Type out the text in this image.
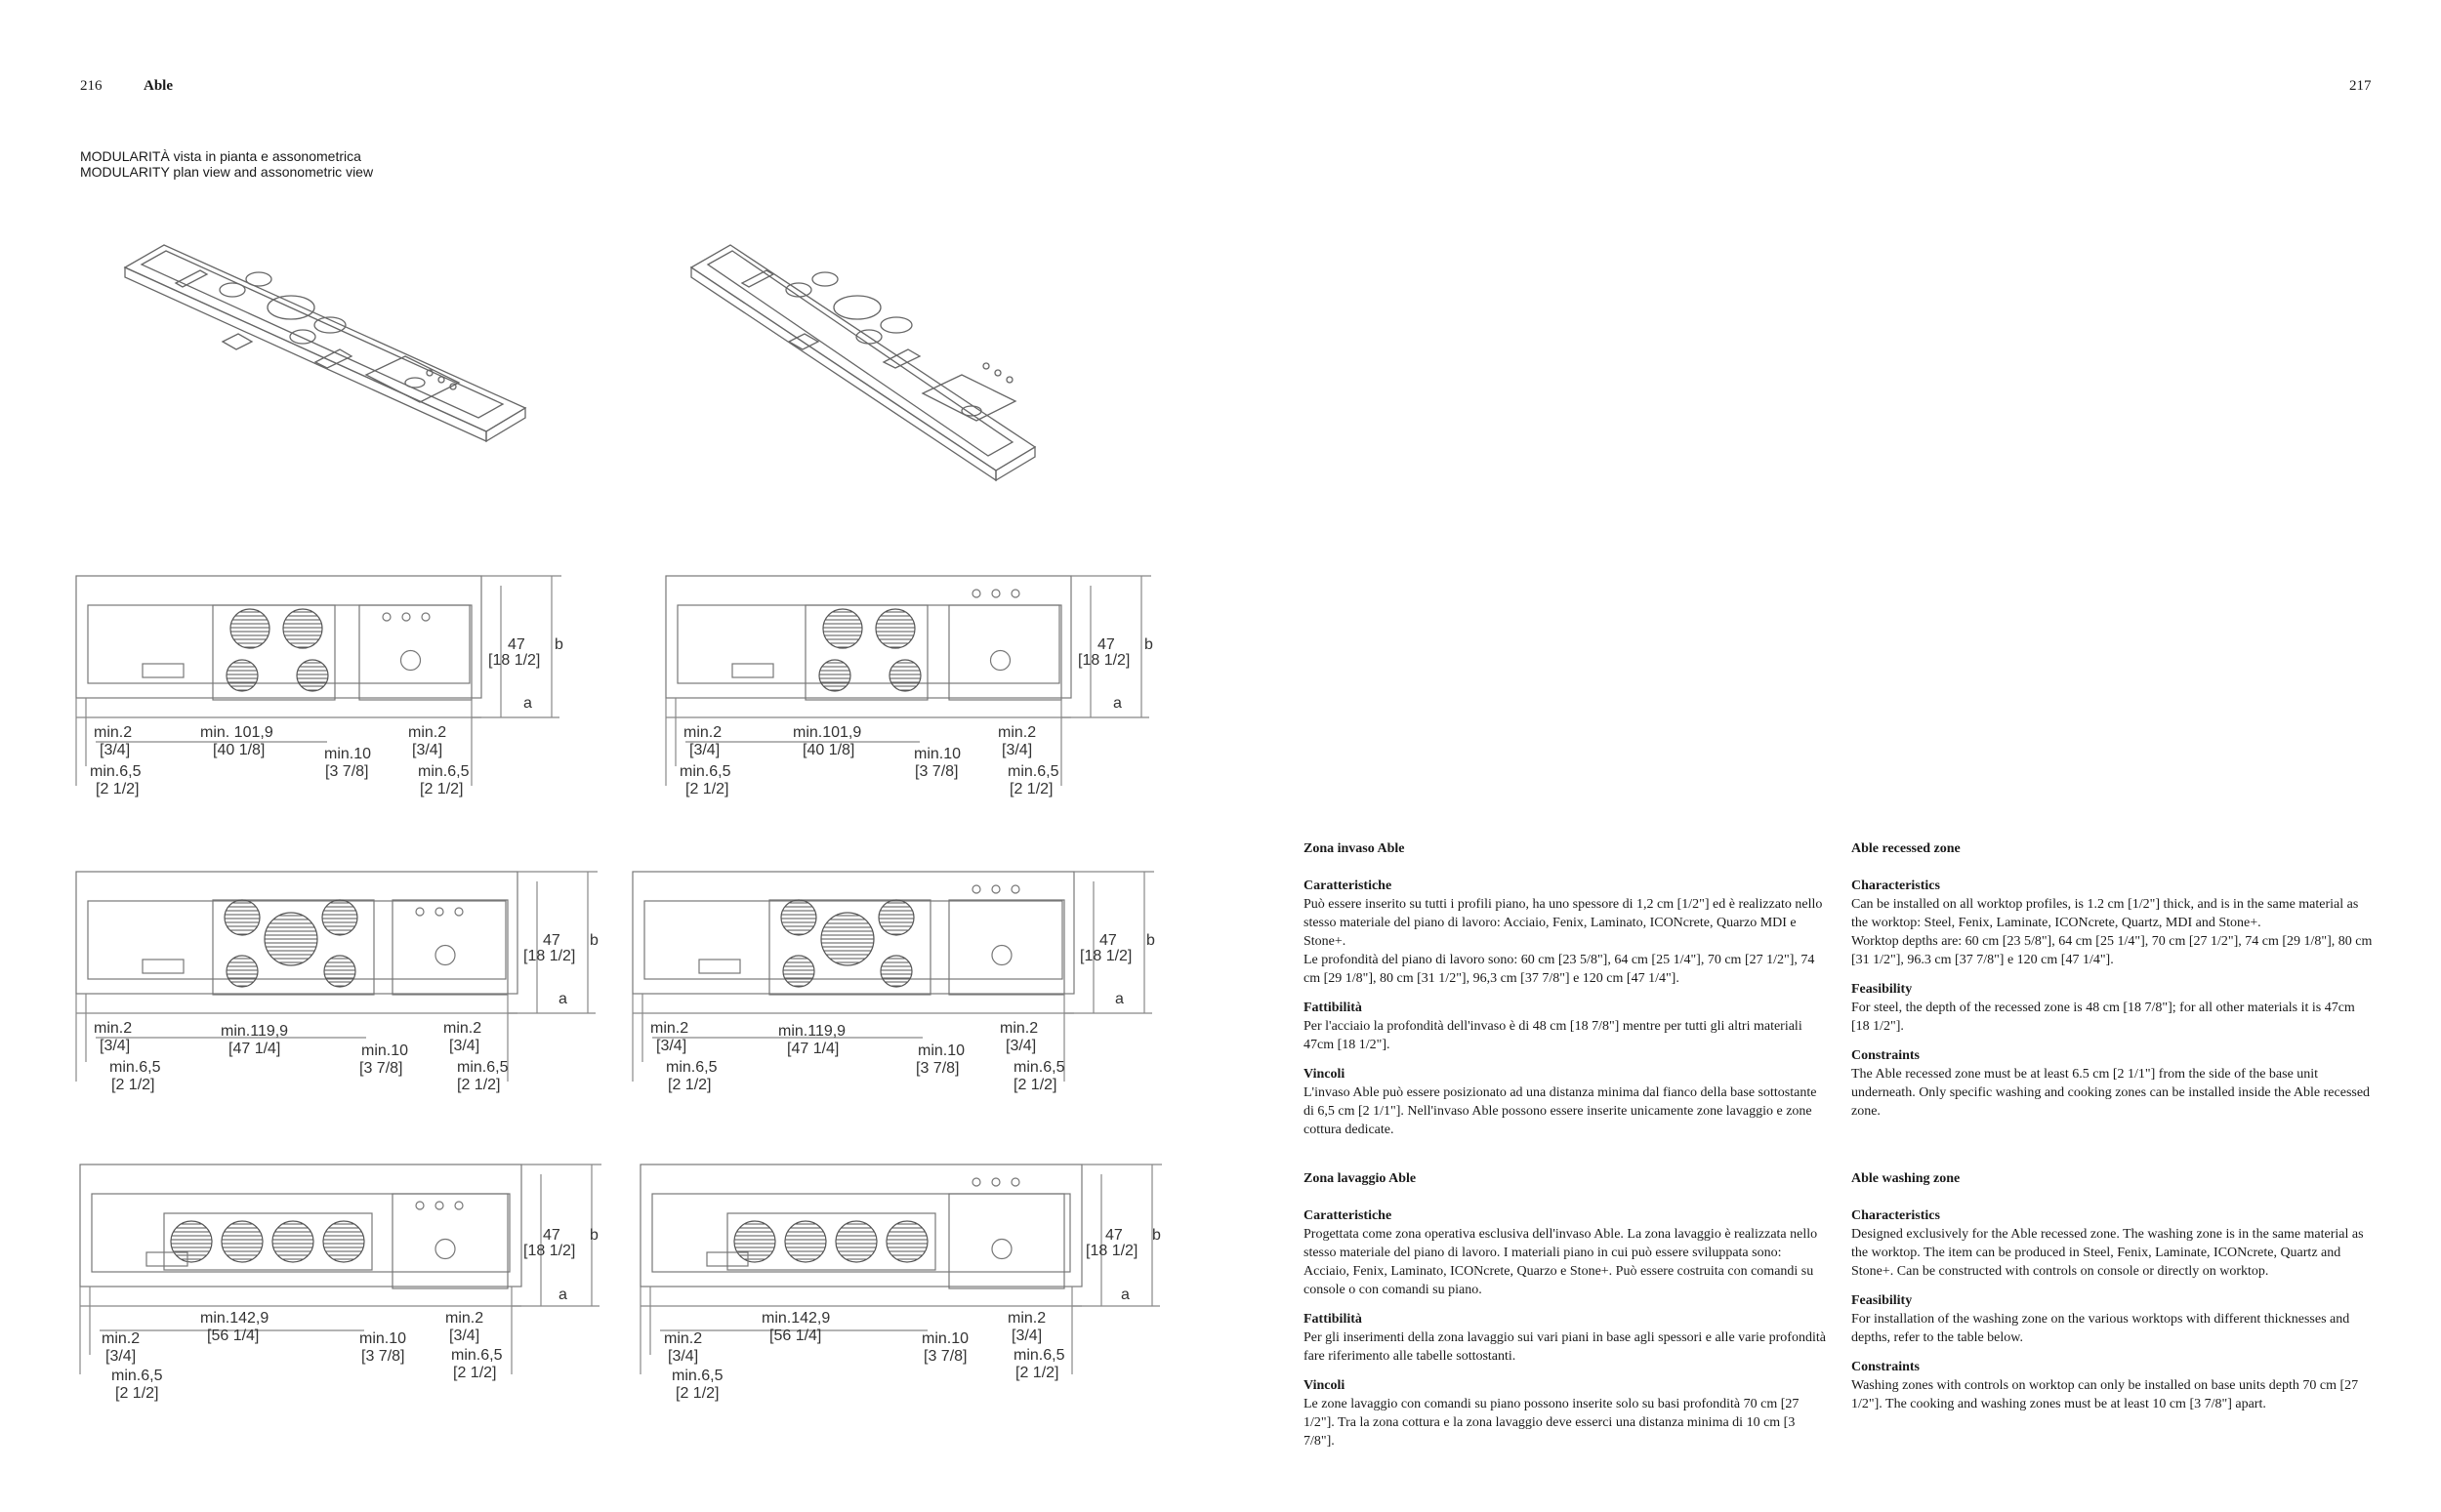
216	Able	217
MODULARITÀ vista in pianta e assonometrica
MODULARITY plan view and assonometric view
min.2
[3/4]
min.6,5
[2 1/2]
min. 101,9
[40 1/8]	min.10
[3 7/8]
min.2
[3/4]
min.6,5
[2 1/2]
47
[18 1/2]
b
a
min.2
[3/4]
min.6,5
[2 1/2]
min.101,9
[40 1/8]	min.10
[3 7/8]
min.2
[3/4]
min.6,5
[2 1/2]
47
[18 1/2]
b
a
min.2
[3/4]
min.6,5
[2 1/2]
min.119,9
[47 1/4]	min.10
[3 7/8]
min.2
[3/4]
min.6,5
[2 1/2]
47
[18 1/2]
b
a
min.2
[3/4]
min.6,5
[2 1/2]
min.119,9
[47 1/4]	min.10
[3 7/8]
min.2
[3/4]
min.6,5
[2 1/2]
47
[18 1/2]
b
a
min.2
[3/4]
min.6,5
[2 1/2]
min.142,9
[56 1/4]	min.10
[3 7/8]
min.2
[3/4]
min.6,5
[2 1/2]
47
[18 1/2]
b
a
min.2
[3/4]
min.6,5
[2 1/2]
min.142,9
[56 1/4]	min.10
[3 7/8]
min.2
[3/4]
min.6,5
[2 1/2]
47
[18 1/2]
b
a
Zona invaso Able
Caratteristiche

Può essere inserito su tutti i profili piano, ha uno spessore di 1,2 cm [1/2"] ed è realizzato nello stesso materiale del piano di lavoro: Acciaio, Fenix, Laminato, ICONcrete, Quarzo MDI e Stone+.

Le profondità del piano di lavoro sono: 60 cm [23 5/8"], 64 cm [25 1/4"], 70 cm [27 1/2"], 74 cm [29 1/8"], 80 cm [31 1/2"], 96,3 cm [37 7/8"] e 120 cm [47 1/4"].

Fattibilità

Per l'acciaio la profondità dell'invaso è di 48 cm [18 7/8"] mentre per tutti gli altri materiali 47cm [18 1/2"].

Vincoli

L'invaso Able può essere posizionato ad una distanza minima dal fianco della base sottostante di 6,5 cm [2 1/1"]. Nell'invaso Able possono essere inserite unicamente zone lavaggio e zone cottura dedicate.

Zona lavaggio Able
Caratteristiche

Progettata come zona operativa esclusiva dell'invaso Able. La zona lavaggio è realizzata nello stesso materiale del piano di lavoro. I materiali piano in cui può essere sviluppata sono: Acciaio, Fenix, Laminato, ICONcrete, Quarzo e Stone+. Può essere costruita con comandi su console o con comandi su piano.

Fattibilità

Per gli inserimenti della zona lavaggio sui vari piani in base agli spessori e alle varie profondità fare riferimento alle tabelle sottostanti.

Vincoli

Le zone lavaggio con comandi su piano possono inserite solo su basi profondità 70 cm [27 1/2"]. Tra la zona cottura e la zona lavaggio deve esserci una distanza minima di 10 cm [3 7/8"].

Able recessed zone
Characteristics

Can be installed on all worktop profiles, is 1.2 cm [1/2"] thick, and is in the same material as the worktop: Steel, Fenix, Laminate, ICONcrete, Quartz, MDI and Stone+.

Worktop depths are: 60 cm [23 5/8"], 64 cm [25 1/4"], 70 cm [27 1/2"], 74 cm [29 1/8"], 80 cm [31 1/2"], 96.3 cm [37 7/8"] e 120 cm [47 1/4"].

Feasibility

For steel, the depth of the recessed zone is 48 cm [18 7/8"]; for all other materials it is 47cm [18 1/2"].

Constraints

The Able recessed zone must be at least 6.5 cm [2 1/1"] from the side of the base unit underneath. Only specific washing and cooking zones can be installed inside the Able recessed zone.

Able washing zone
Characteristics

Designed exclusively for the Able recessed zone. The washing zone is in the same material as the worktop. The item can be produced in Steel, Fenix, Laminate, ICONcrete, Quartz and Stone+. Can be constructed with controls on console or directly on worktop.

Feasibility

For installation of the washing zone on the various worktops with different thicknesses and depths, refer to the table below.

Constraints

Washing zones with controls on worktop can only be installed on base units depth 70 cm [27 1/2"]. The cooking and washing zones must be at least 10 cm [3 7/8"] apart.
